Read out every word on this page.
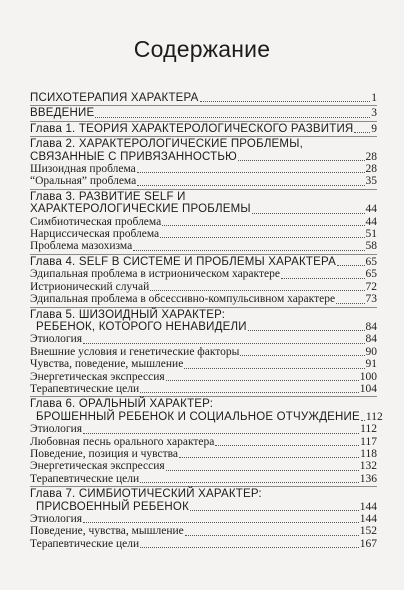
Содержание
ПСИХОТЕРАПИЯ ХАРАКТЕРА	1
ВВЕДЕНИЕ	3
Глава 1. ТЕОРИЯ ХАРАКТЕРОЛОГИЧЕСКОГО РАЗВИТИЯ 9
Глава 2. ХАРАКТЕРОЛОГИЧЕСКИЕ ПРОБЛЕМЫ,
СВЯЗАННЫЕ С ПРИВЯЗАННОСТЬЮ	28
Шизоидная проблема	28
“Оральная” проблема	35
Глава 3. РАЗВИТИЕ SELF И
ХАРАКТЕРОЛОГИЧЕСКИЕ ПРОБЛЕМЫ	44
Симбиотическая проблема	44
Нарциссическая проблема	51
Проблема мазохизма	58
Глава 4. SELF В СИСТЕМЕ И ПРОБЛЕМЫ ХАРАКТЕРА	65
Эдипальная проблема в истрионическом характере	65
Истрионический случай	72
Эдипальная проблема в обсессивно-компульсивном характере	73
Глава 5. ШИЗОИДНЫЙ ХАРАКТЕР:
РЕБЕНОК, КОТОРОГО НЕНАВИДЕЛИ	84
Этиология	84
Внешние условия и генетические факторы	90
Чувства, поведение, мышление	91
Энергетическая экспрессия	100
Терапевтические цели	104
Глава 6. ОРАЛЬНЫЙ ХАРАКТЕР:
БРОШЕННЫЙ РЕБЕНОК И СОЦИАЛЬНОЕ ОТЧУЖДЕНИЕ 112
Этиология	112
Любовная песнь орального характера	117
Поведение, позиция и чувства	118
Энергетическая экспрессия	132
Терапевтические цели	136
Глава 7. СИМБИОТИЧЕСКИЙ ХАРАКТЕР:
ПРИСВОЕННЫЙ РЕБЕНОК	144
Этиология	144
Поведение, чувства, мышление	152
Терапевтические цели	167
